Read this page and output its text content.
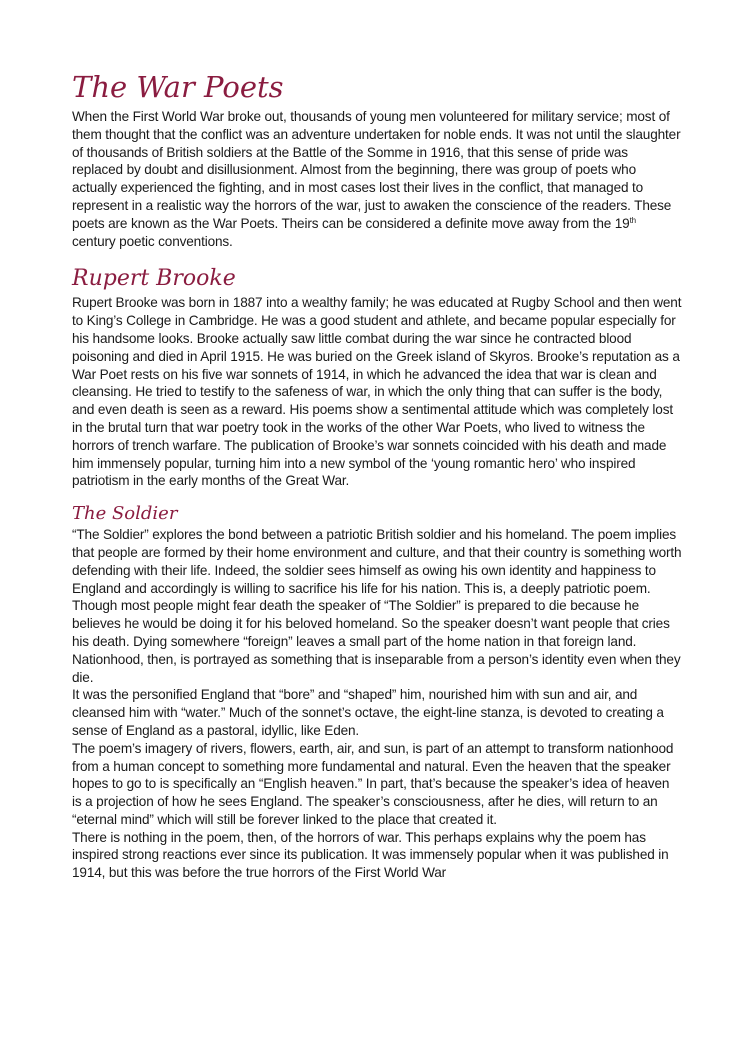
The War Poets

When the First World War broke out, thousands of young men volunteered for military service; most of them thought that the conflict was an adventure undertaken for noble ends. It was not until the slaughter of thousands of British soldiers at the Battle of the Somme in 1916, that this sense of pride was replaced by doubt and disillusionment. Almost from the beginning, there was group of poets who actually experienced the fighting, and in most cases lost their lives in the conflict, that managed to represent in a realistic way the horrors of the war, just to awaken the conscience of the readers. These poets are known as the War Poets. Theirs can be considered a definite move away from the 19th century poetic conventions.

Rupert Brooke

Rupert Brooke was born in 1887 into a wealthy family; he was educated at Rugby School and then went to King’s College in Cambridge. He was a good student and athlete, and became popular especially for his handsome looks. Brooke actually saw little combat during the war since he contracted blood poisoning and died in April 1915. He was buried on the Greek island of Skyros. Brooke’s reputation as a War Poet rests on his five war sonnets of 1914, in which he advanced the idea that war is clean and cleansing. He tried to testify to the safeness of war, in which the only thing that can suffer is the body, and even death is seen as a reward. His poems show a sentimental attitude which was completely lost in the brutal turn that war poetry took in the works of the other War Poets, who lived to witness the horrors of trench warfare. The publication of Brooke’s war sonnets coincided with his death and made him immensely popular, turning him into a new symbol of the ‘young romantic hero’ who inspired patriotism in the early months of the Great War.

The Soldier

“The Soldier” explores the bond between a patriotic British soldier and his homeland. The poem implies that people are formed by their home environment and culture, and that their country is something worth defending with their life. Indeed, the soldier sees himself as owing his own identity and happiness to England and accordingly is willing to sacrifice his life for his nation. This is, a deeply patriotic poem.

Though most people might fear death the speaker of “The Soldier” is prepared to die because he believes he would be doing it for his beloved homeland. So the speaker doesn’t want people that cries his death. Dying somewhere “foreign” leaves a small part of the home nation in that foreign land. Nationhood, then, is portrayed as something that is inseparable from a person’s identity even when they die.

It was the personified England that “bore” and “shaped” him, nourished him with sun and air, and cleansed him with “water.” Much of the sonnet’s octave, the eight-line stanza, is devoted to creating a sense of England as a pastoral, idyllic, like Eden.

The poem’s imagery of rivers, flowers, earth, air, and sun, is part of an attempt to transform nationhood from a human concept to something more fundamental and natural. Even the heaven that the speaker hopes to go to is specifically an “English heaven.” In part, that’s because the speaker’s idea of heaven is a projection of how he sees England. The speaker’s consciousness, after he dies, will return to an “eternal mind” which will still be forever linked to the place that created it.

There is nothing in the poem, then, of the horrors of war. This perhaps explains why the poem has inspired strong reactions ever since its publication. It was immensely popular when it was published in 1914, but this was before the true horrors of the First World War
